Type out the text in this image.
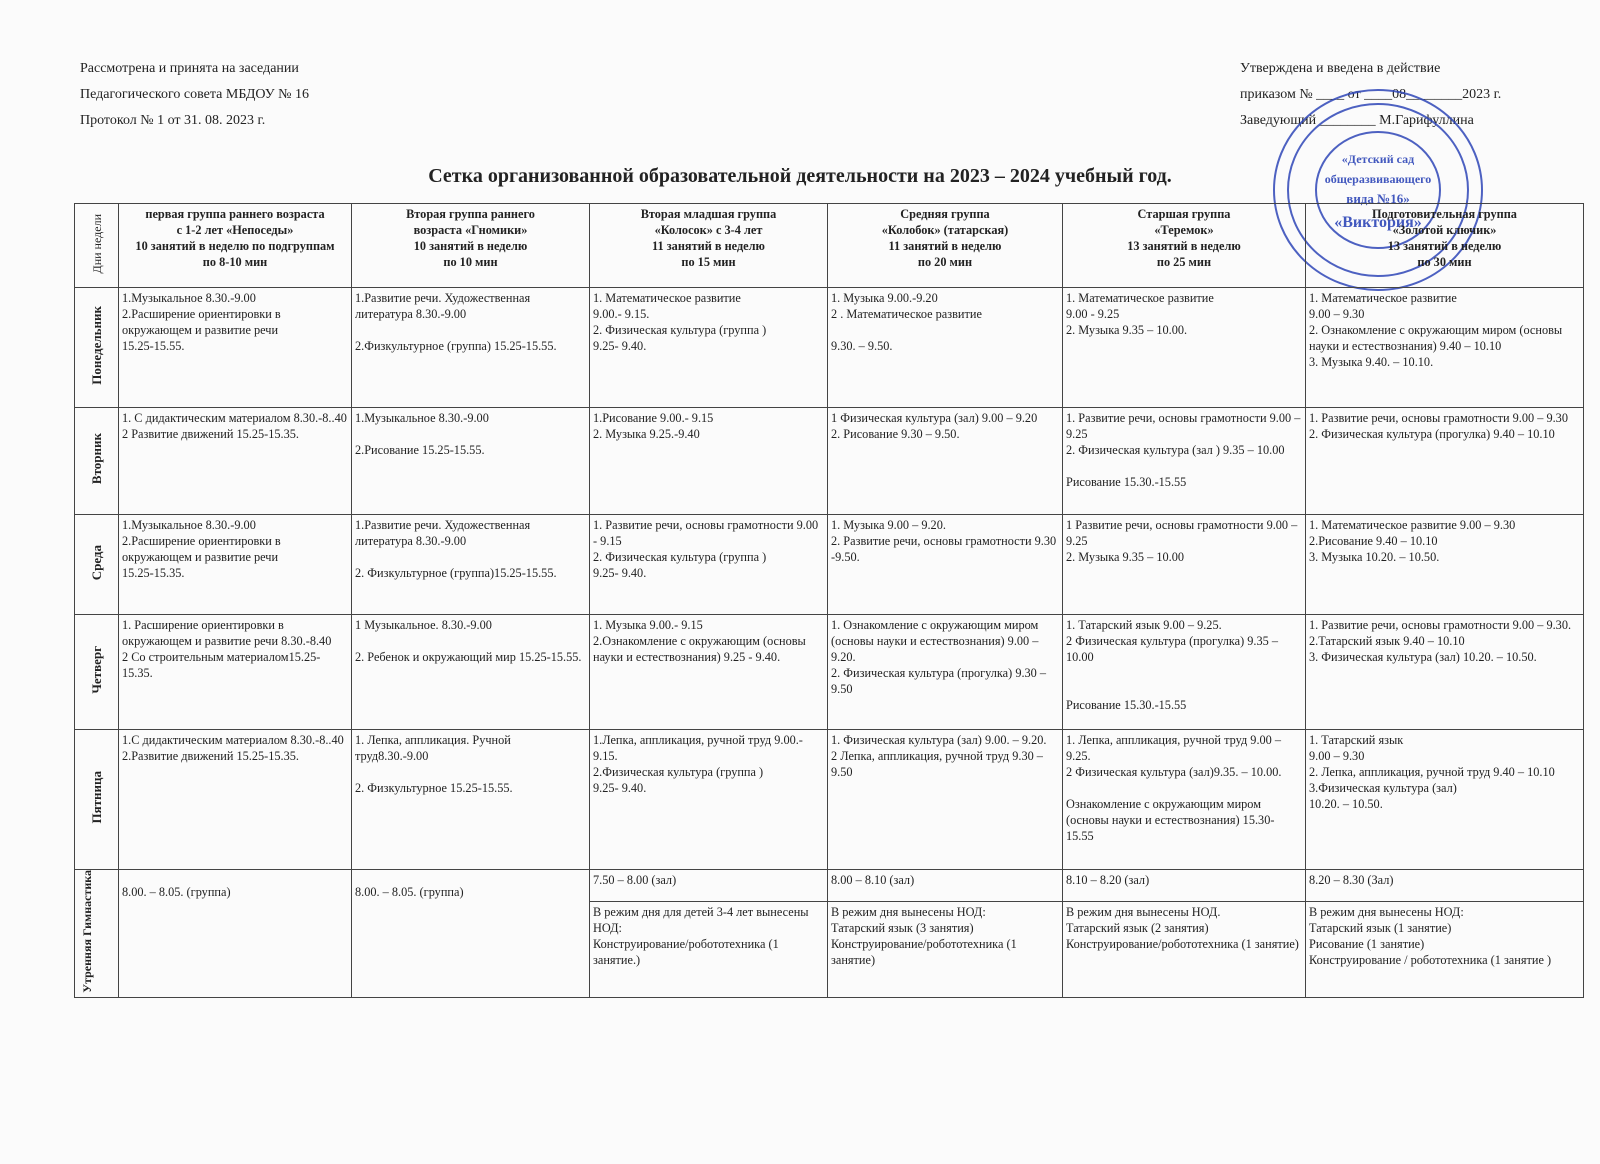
Рассмотрена и принята на заседании
Педагогического совета МБДОУ № 16
Протокол № 1 от 31. 08. 2023 г.
Утверждена и введена в действие
приказом № ____ от ____08________2023 г.
Заведующий ________ М.Гарифуллина
Сетка организованной образовательной деятельности на 2023 – 2024 учебный год.
«Детский сад
общеразвивающего
вида №16»
«Виктория»
Дни недели	первая группа раннего возраста
с 1-2 лет «Непоседы»
10 занятий в неделю по подгруппам
по 8-10 мин	Вторая группа раннего
возраста «Гномики»
10 занятий в неделю
по 10 мин	Вторая младшая группа
«Колосок» с 3-4 лет
11 занятий в неделю
по 15 мин	Средняя группа
«Колобок» (татарская)
11 занятий в неделю
по 20 мин	Старшая группа
«Теремок»
13 занятий в неделю
по 25 мин	Подготовительная группа
«Золотой ключик»
13 занятий в неделю
по 30 мин
Понедельник	1.Музыкальное 8.30.-9.00
2.Расширение ориентировки в окружающем и развитие речи
15.25-15.55.	1.Развитие речи. Художественная литература 8.30.-9.00

2.Физкультурное (группа) 15.25-15.55.	1. Математическое развитие
9.00.- 9.15.
2. Физическая культура (группа )
9.25- 9.40.	1. Музыка 9.00.-9.20
2 . Математическое развитие

9.30. – 9.50.	1. Математическое развитие
9.00 - 9.25
2. Музыка 9.35 – 10.00.	1. Математическое развитие
9.00 – 9.30
2. Ознакомление с окружающим миром (основы науки и естествознания) 9.40 – 10.10
3. Музыка 9.40. – 10.10.
Вторник	1. С дидактическим материалом 8.30.-8..40
2 Развитие движений 15.25-15.35.	1.Музыкальное 8.30.-9.00

2.Рисование 15.25-15.55.	1.Рисование 9.00.- 9.15
2. Музыка 9.25.-9.40	1 Физическая культура (зал) 9.00 – 9.20
2. Рисование 9.30 – 9.50.	1. Развитие речи, основы грамотности 9.00 – 9.25
2. Физическая культура (зал ) 9.35 – 10.00

Рисование 15.30.-15.55	1. Развитие речи, основы грамотности 9.00 – 9.30
2. Физическая культура (прогулка) 9.40 – 10.10
Среда	1.Музыкальное 8.30.-9.00
2.Расширение ориентировки в окружающем и развитие речи
15.25-15.35.	1.Развитие речи. Художественная литература 8.30.-9.00

2. Физкультурное (группа)15.25-15.55.	1. Развитие речи, основы грамотности 9.00 - 9.15
2. Физическая культура (группа )
9.25- 9.40.	1. Музыка 9.00 – 9.20.
2. Развитие речи, основы грамотности 9.30 -9.50.	1 Развитие речи, основы грамотности 9.00 – 9.25
2. Музыка 9.35 – 10.00	1. Математическое развитие 9.00 – 9.30
2.Рисование 9.40 – 10.10
3. Музыка 10.20. – 10.50.
Четверг	1. Расширение ориентировки в окружающем и развитие речи 8.30.-8.40
2 Со строительным материалом15.25-15.35.	1 Музыкальное. 8.30.-9.00

2. Ребенок и окружающий мир 15.25-15.55.	1. Музыка 9.00.- 9.15
2.Ознакомление с окружающим (основы науки и естествознания) 9.25 - 9.40.	1. Ознакомление с окружающим миром (основы науки и естествознания) 9.00 – 9.20.
2. Физическая культура (прогулка) 9.30 – 9.50	1. Татарский язык 9.00 – 9.25.
2 Физическая культура (прогулка) 9.35 – 10.00

Рисование 15.30.-15.55	1. Развитие речи, основы грамотности 9.00 – 9.30.
2.Татарский язык 9.40 – 10.10
3. Физическая культура (зал) 10.20. – 10.50.
Пятница	1.С дидактическим материалом 8.30.-8..40
2.Развитие движений 15.25-15.35.	1. Лепка, аппликация. Ручной труд8.30.-9.00

2. Физкультурное 15.25-15.55.	1.Лепка, аппликация, ручной труд 9.00.- 9.15.
2.Физическая культура (группа )
9.25- 9.40.	1. Физическая культура (зал) 9.00. – 9.20.
2 Лепка, аппликация, ручной труд 9.30 – 9.50	1. Лепка, аппликация, ручной труд 9.00 – 9.25.
2 Физическая культура (зал)9.35. – 10.00.

Ознакомление с окружающим миром (основы науки и естествознания) 15.30-15.55	1. Татарский язык
9.00 – 9.30
2. Лепка, аппликация, ручной труд 9.40 – 10.10
3.Физическая культура (зал)
10.20. – 10.50.
Утренняя Гимнастика	8.00. – 8.05. (группа)	8.00. – 8.05. (группа)	7.50 – 8.00 (зал)	8.00 – 8.10 (зал)	8.10 – 8.20 (зал)	8.20 – 8.30 (Зал)
			В режим дня для детей 3-4 лет вынесены НОД:
Конструирование/робототехника (1 занятие.)	В режим дня вынесены НОД:
Татарский язык (3 занятия)
Конструирование/робототехника (1 занятие)	В режим дня вынесены НОД.
Татарский язык (2 занятия)
Конструирование/робототехника (1 занятие)	В режим дня вынесены НОД:
Татарский язык (1 занятие)
Рисование (1 занятие)
Конструирование / робототехника (1 занятие )
